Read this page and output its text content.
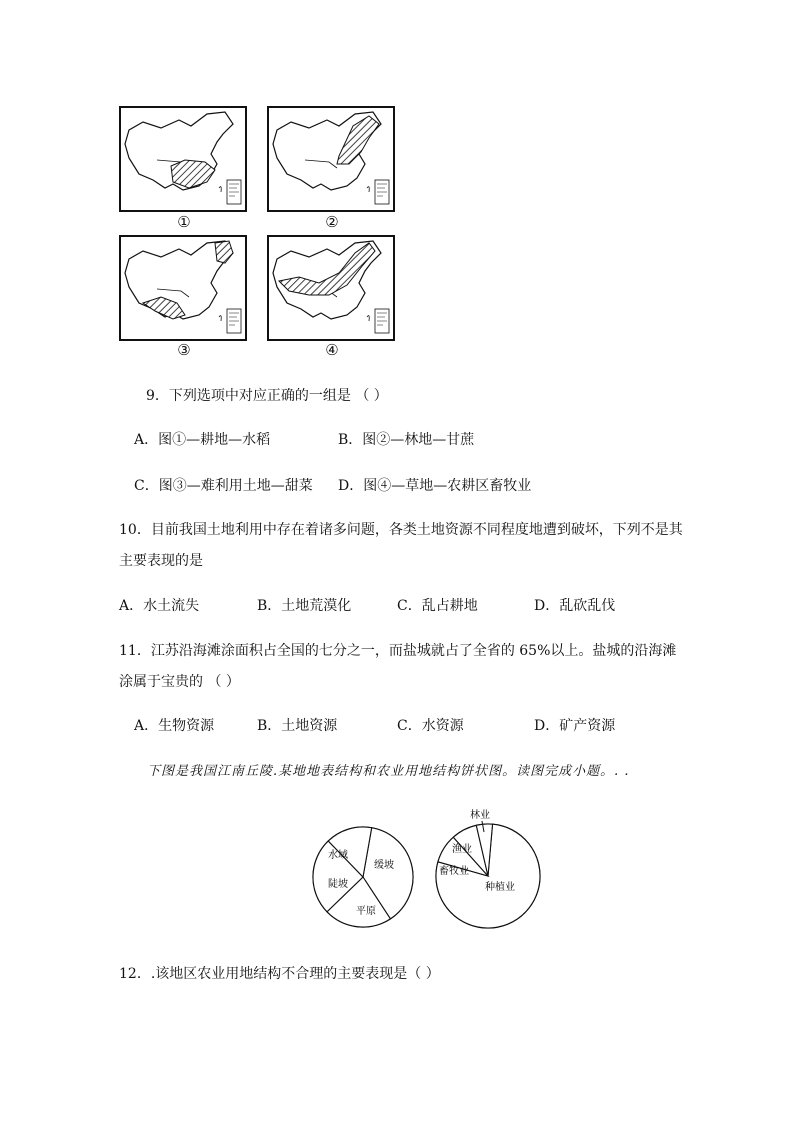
①	②
③	④
9．下列选项中对应正确的一组是 （ ）
A．图①—耕地—水稻	B．图②—林地—甘蔗
C．图③—难利用土地—甜菜 D．图④—草地—农耕区畜牧业
10．目前我国土地利用中存在着诸多问题，各类土地资源不同程度地遭到破坏，下列不是其
主要表现的是
A．水土流失	B．土地荒漠化	C．乱占耕地	D．乱砍乱伐
11．江苏沿海滩涂面积占全国的七分之一，而盐城就占了全省的 65%以上。盐城的沿海滩
涂属于宝贵的 （ ）
A．生物资源	B．土地资源	C．水资源	D．矿产资源
下图是我国江南丘陵.某地地表结构和农业用地结构饼状图。读图完成小题。. .
缓坡
平原
陡坡
水域
种植业
畜牧业
渔业
林业
12．.该地区农业用地结构不合理的主要表现是（ ）
